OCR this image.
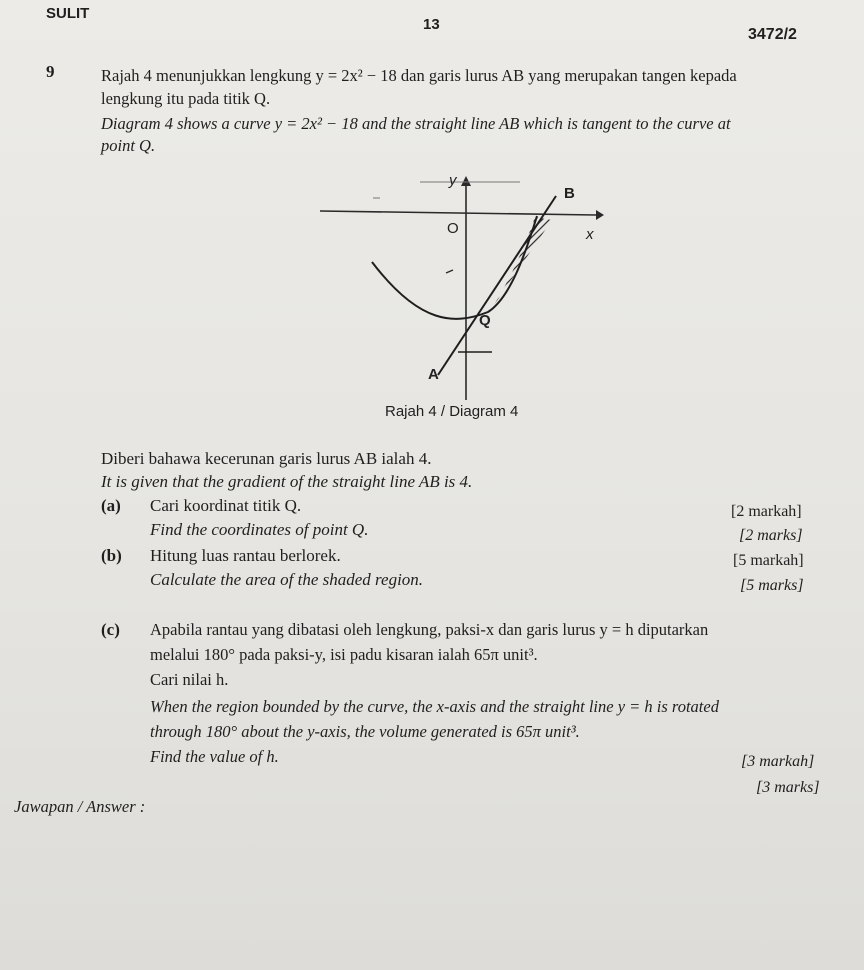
SULIT
13
3472/2
9	Rajah 4 menunjukkan lengkung y = 2x² − 18 dan garis lurus AB yang merupakan tangen kepada
lengkung itu pada titik Q.
Diagram 4 shows a curve y = 2x² − 18 and the straight line AB which is tangent to the curve at
point Q.
y
O	x
B
Q
A
Rajah 4 / Diagram 4
Diberi bahawa kecerunan garis lurus AB ialah 4.
It is given that the gradient of the straight line AB is 4.
(a) Cari koordinat titik Q.	[2 markah]
Find the coordinates of point Q.	[2 marks]
(b) Hitung luas rantau berlorek.	[5 markah]
Calculate the area of the shaded region.	[5 marks]
(c) Apabila rantau yang dibatasi oleh lengkung, paksi-x dan garis lurus y = h diputarkan
melalui 180° pada paksi-y, isi padu kisaran ialah 65π unit³.
Cari nilai h.
When the region bounded by the curve, the x-axis and the straight line y = h is rotated
through 180° about the y-axis, the volume generated is 65π unit³.
Find the value of h.	[3 markah]
[3 marks]
Jawapan / Answer :
